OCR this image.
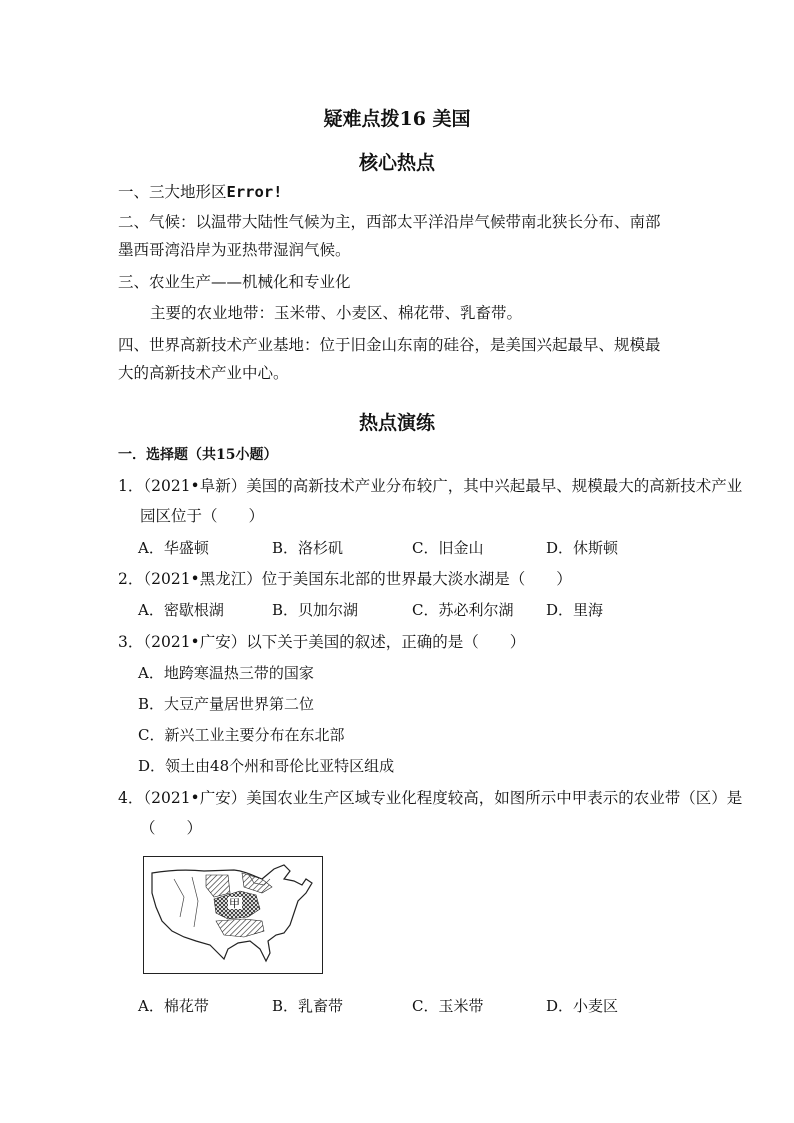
疑难点拨16 美国
核心热点
一、三大地形区Error!
二、气候：以温带大陆性气候为主，西部太平洋沿岸气候带南北狭长分布、南部
墨西哥湾沿岸为亚热带湿润气候。
三、农业生产——机械化和专业化
主要的农业地带：玉米带、小麦区、棉花带、乳畜带。
四、世界高新技术产业基地：位于旧金山东南的硅谷，是美国兴起最早、规模最
大的高新技术产业中心。
热点演练
一．选择题（共15小题）
1．（2021•阜新）美国的高新技术产业分布较广，其中兴起最早、规模最大的高新技术产业
园区位于（　　）
A．华盛顿	B．洛杉矶	C．旧金山	D．休斯顿
2．（2021•黑龙江）位于美国东北部的世界最大淡水湖是（　　）
A．密歇根湖	B．贝加尔湖	C．苏必利尔湖 D．里海
3．（2021•广安）以下关于美国的叙述，正确的是（　　）
A．地跨寒温热三带的国家
B．大豆产量居世界第二位
C．新兴工业主要分布在东北部
D．领土由48个州和哥伦比亚特区组成
4．（2021•广安）美国农业生产区域专业化程度较高，如图所示中甲表示的农业带（区）是
（　　）
甲
A．棉花带	B．乳畜带	C．玉米带	D．小麦区
